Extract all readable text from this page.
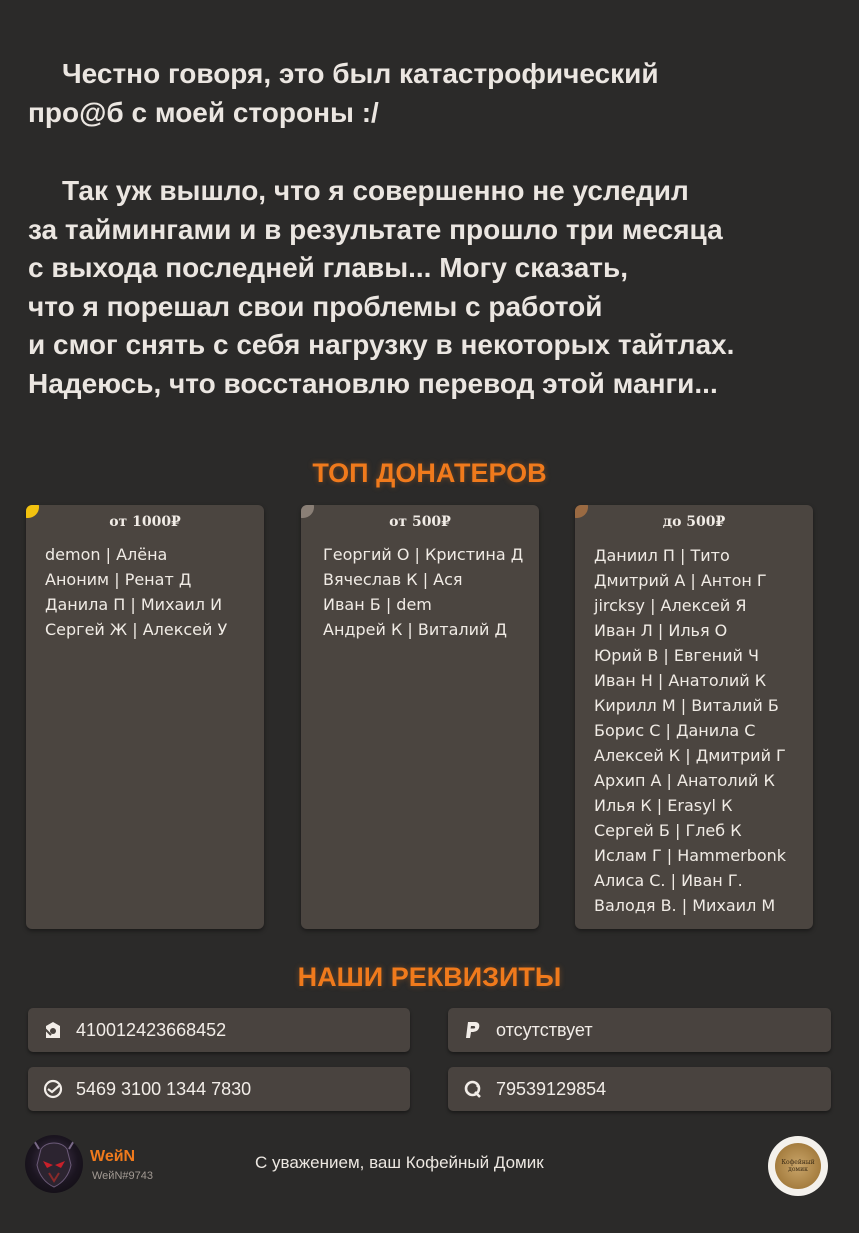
Честно говоря, это был катастрофический
про@б с моей стороны :/

Так уж вышло, что я совершенно не уследил
за таймингами и в результате прошло три месяца
с выхода последней главы... Могу сказать,
что я порешал свои проблемы с работой
и смог снять с себя нагрузку в некоторых тайтлах.
Надеюсь, что восстановлю перевод этой манги...

ТОП ДОНАТЕРОВ
от 1000₽
demon | Алёна
Аноним | Ренат Д
Данила П | Михаил И
Сергей Ж | Алексей У
от 500₽
Георгий О | Кристина Д
Вячеслав К | Ася
Иван Б | dem
Андрей К | Виталий Д
до 500₽
Даниил П | Тито
Дмитрий А | Антон Г
jircksy | Алексей Я
Иван Л | Илья О
Юрий В | Евгений Ч
Иван Н | Анатолий К
Кирилл М | Виталий Б
Борис С | Данила С
Алексей К | Дмитрий Г
Архип А | Анатолий К
Илья К | Erasyl К
Сергей Б | Глеб К
Ислам Г | Hammerbonk
Алиса С. | Иван Г.
Валодя В. | Михаил М
НАШИ РЕКВИЗИТЫ
410012423668452	отсутствует
5469 3100 1344 7830	79539129854
WeйN
WeйN#9743
С уважением, ваш Кофейный Домик	Кофейный домик
